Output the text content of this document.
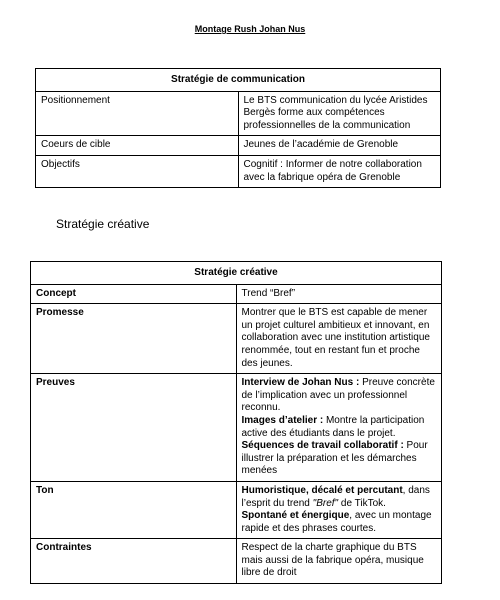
Montage Rush Johan Nus
Stratégie de communication	
Positionnement	Le BTS communication du lycée Aristides Bergès forme aux compétences professionnelles de la communication
Coeurs de cible	Jeunes de l’académie de Grenoble
Objectifs	Cognitif : Informer de notre collaboration avec la fabrique opéra de Grenoble
Stratégie créative
Stratégie créative	
Concept	Trend “Bref”
Promesse	Montrer que le BTS est capable de mener un projet culturel ambitieux et innovant, en collaboration avec une institution artistique renommée, tout en restant fun et proche des jeunes.
Preuves	Interview de Johan Nus : Preuve concrète de l’implication avec un professionnel reconnu.
Images d’atelier : Montre la participation active des étudiants dans le projet.
Séquences de travail collaboratif : Pour illustrer la préparation et les démarches menées

Ton	Humoristique, décalé et percutant, dans l’esprit du trend "Bref" de TikTok.
Spontané et énergique, avec un montage rapide et des phrases courtes.

Contraintes	Respect de la charte graphique du BTS mais aussi de la fabrique opéra, musique libre de droit
